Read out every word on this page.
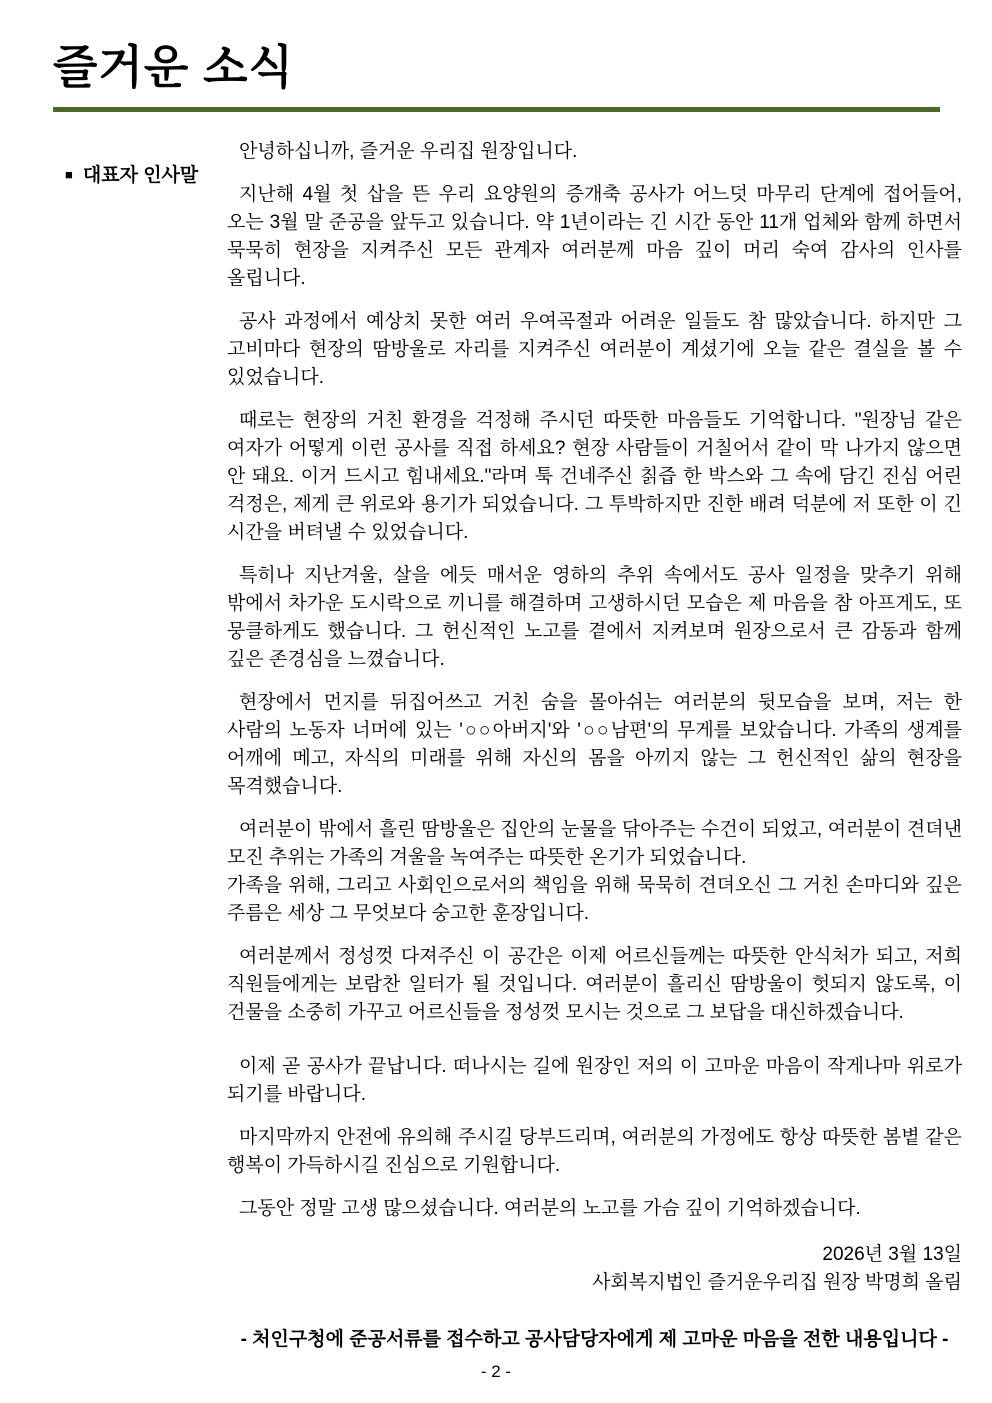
즐거운 소식
■ 대표자 인사말

안녕하십니까, 즐거운 우리집 원장입니다.

지난해 4월 첫 삽을 뜬 우리 요양원의 증개축 공사가 어느덧 마무리 단계에 접어들어, 오는 3월 말 준공을 앞두고 있습니다. 약 1년이라는 긴 시간 동안 11개 업체와 함께 하면서 묵묵히 현장을 지켜주신 모든 관계자 여러분께 마음 깊이 머리 숙여 감사의 인사를 올립니다.

공사 과정에서 예상치 못한 여러 우여곡절과 어려운 일들도 참 많았습니다. 하지만 그 고비마다 현장의 땀방울로 자리를 지켜주신 여러분이 계셨기에 오늘 같은 결실을 볼 수 있었습니다.

때로는 현장의 거친 환경을 걱정해 주시던 따뜻한 마음들도 기억합니다. "원장님 같은 여자가 어떻게 이런 공사를 직접 하세요? 현장 사람들이 거칠어서 같이 막 나가지 않으면 안 돼요. 이거 드시고 힘내세요."라며 툭 건네주신 칡즙 한 박스와 그 속에 담긴 진심 어린 걱정은, 제게 큰 위로와 용기가 되었습니다. 그 투박하지만 진한 배려 덕분에 저 또한 이 긴 시간을 버텨낼 수 있었습니다.

특히나 지난겨울, 살을 에듯 매서운 영하의 추위 속에서도 공사 일정을 맞추기 위해 밖에서 차가운 도시락으로 끼니를 해결하며 고생하시던 모습은 제 마음을 참 아프게도, 또 뭉클하게도 했습니다. 그 헌신적인 노고를 곁에서 지켜보며 원장으로서 큰 감동과 함께 깊은 존경심을 느꼈습니다.

현장에서 먼지를 뒤집어쓰고 거친 숨을 몰아쉬는 여러분의 뒷모습을 보며, 저는 한 사람의 노동자 너머에 있는 '○○아버지'와 '○○남편'의 무게를 보았습니다. 가족의 생계를 어깨에 메고, 자식의 미래를 위해 자신의 몸을 아끼지 않는 그 헌신적인 삶의 현장을 목격했습니다.

여러분이 밖에서 흘린 땀방울은 집안의 눈물을 닦아주는 수건이 되었고, 여러분이 견뎌낸 모진 추위는 가족의 겨울을 녹여주는 따뜻한 온기가 되었습니다.

가족을 위해, 그리고 사회인으로서의 책임을 위해 묵묵히 견뎌오신 그 거친 손마디와 깊은 주름은 세상 그 무엇보다 숭고한 훈장입니다.

여러분께서 정성껏 다져주신 이 공간은 이제 어르신들께는 따뜻한 안식처가 되고, 저희 직원들에게는 보람찬 일터가 될 것입니다. 여러분이 흘리신 땀방울이 헛되지 않도록, 이 건물을 소중히 가꾸고 어르신들을 정성껏 모시는 것으로 그 보답을 대신하겠습니다.

이제 곧 공사가 끝납니다. 떠나시는 길에 원장인 저의 이 고마운 마음이 작게나마 위로가 되기를 바랍니다.

마지막까지 안전에 유의해 주시길 당부드리며, 여러분의 가정에도 항상 따뜻한 봄볕 같은 행복이 가득하시길 진심으로 기원합니다.

그동안 정말 고생 많으셨습니다. 여러분의 노고를 가슴 깊이 기억하겠습니다.

2026년 3월 13일
사회복지법인 즐거운우리집 원장 박명희 올림
- 처인구청에 준공서류를 접수하고 공사담당자에게 제 고마운 마음을 전한 내용입니다 -
- 2 -
